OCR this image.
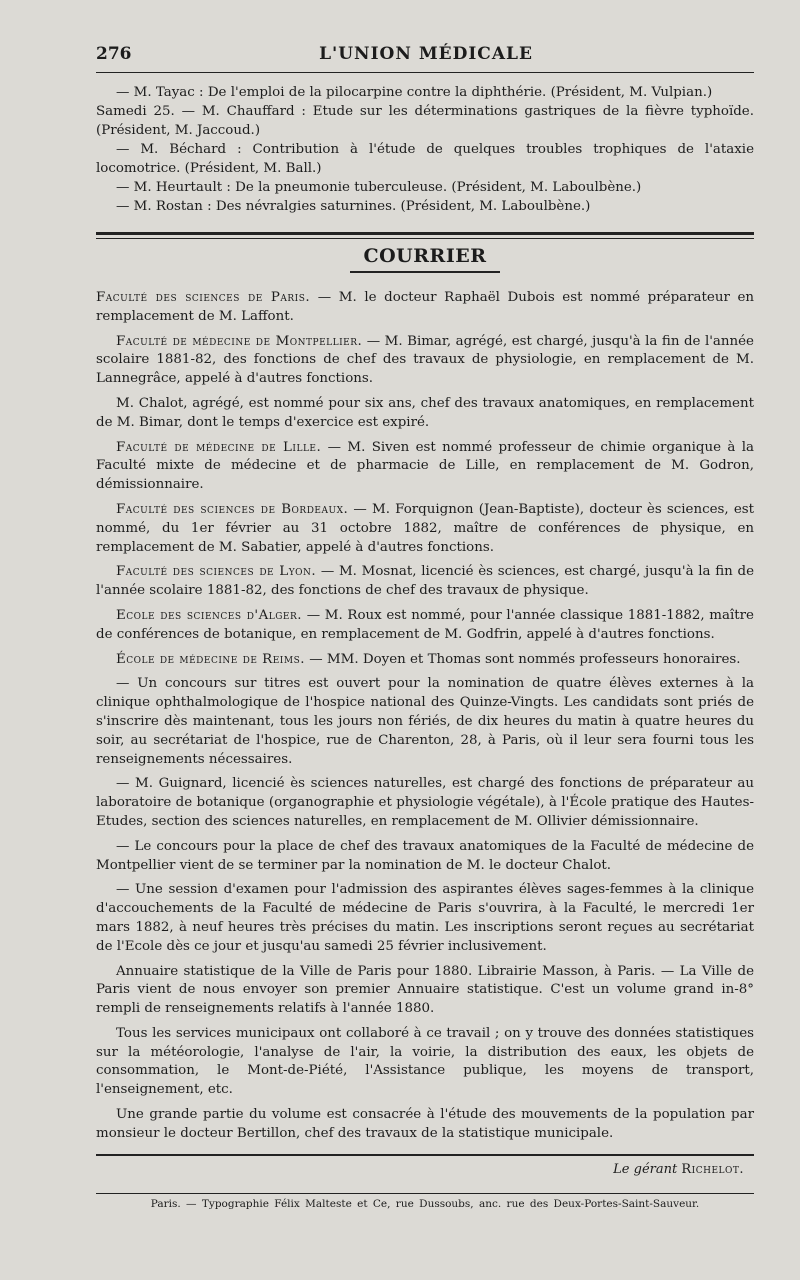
276	L'UNION MÉDICALE

— M. Tayac : De l'emploi de la pilocarpine contre la diphthérie. (Président, M. Vulpian.)

Samedi 25. — M. Chauffard : Etude sur les déterminations gastriques de la fièvre typhoïde. (Président, M. Jaccoud.)

— M. Béchard : Contribution à l'étude de quelques troubles trophiques de l'ataxie locomotrice. (Président, M. Ball.)

— M. Heurtault : De la pneumonie tuberculeuse. (Président, M. Laboulbène.)

— M. Rostan : Des névralgies saturnines. (Président, M. Laboulbène.)

COURRIER

Faculté des sciences de Paris. — M. le docteur Raphaël Dubois est nommé préparateur en remplacement de M. Laffont.

Faculté de médecine de Montpellier. — M. Bimar, agrégé, est chargé, jusqu'à la fin de l'année scolaire 1881-82, des fonctions de chef des travaux de physiologie, en remplacement de M. Lannegrâce, appelé à d'autres fonctions.

M. Chalot, agrégé, est nommé pour six ans, chef des travaux anatomiques, en remplacement de M. Bimar, dont le temps d'exercice est expiré.

Faculté de médecine de Lille. — M. Siven est nommé professeur de chimie organique à la Faculté mixte de médecine et de pharmacie de Lille, en remplacement de M. Godron, démissionnaire.

Faculté des sciences de Bordeaux. — M. Forquignon (Jean-Baptiste), docteur ès sciences, est nommé, du 1er février au 31 octobre 1882, maître de conférences de physique, en remplacement de M. Sabatier, appelé à d'autres fonctions.

Faculté des sciences de Lyon. — M. Mosnat, licencié ès sciences, est chargé, jusqu'à la fin de l'année scolaire 1881-82, des fonctions de chef des travaux de physique.

Ecole des sciences d'Alger. — M. Roux est nommé, pour l'année classique 1881-1882, maître de conférences de botanique, en remplacement de M. Godfrin, appelé à d'autres fonctions.

École de médecine de Reims. — MM. Doyen et Thomas sont nommés professeurs honoraires.

— Un concours sur titres est ouvert pour la nomination de quatre élèves externes à la clinique ophthalmologique de l'hospice national des Quinze-Vingts. Les candidats sont priés de s'inscrire dès maintenant, tous les jours non fériés, de dix heures du matin à quatre heures du soir, au secrétariat de l'hospice, rue de Charenton, 28, à Paris, où il leur sera fourni tous les renseignements nécessaires.

— M. Guignard, licencié ès sciences naturelles, est chargé des fonctions de préparateur au laboratoire de botanique (organographie et physiologie végétale), à l'École pratique des Hautes-Etudes, section des sciences naturelles, en remplacement de M. Ollivier démissionnaire.

— Le concours pour la place de chef des travaux anatomiques de la Faculté de médecine de Montpellier vient de se terminer par la nomination de M. le docteur Chalot.

— Une session d'examen pour l'admission des aspirantes élèves sages-femmes à la clinique d'accouchements de la Faculté de médecine de Paris s'ouvrira, à la Faculté, le mercredi 1er mars 1882, à neuf heures très précises du matin. Les inscriptions seront reçues au secrétariat de l'Ecole dès ce jour et jusqu'au samedi 25 février inclusivement.

Annuaire statistique de la Ville de Paris pour 1880. Librairie Masson, à Paris. — La Ville de Paris vient de nous envoyer son premier Annuaire statistique. C'est un volume grand in-8° rempli de renseignements relatifs à l'année 1880.

Tous les services municipaux ont collaboré à ce travail ; on y trouve des données statistiques sur la météorologie, l'analyse de l'air, la voirie, la distribution des eaux, les objets de consommation, le Mont-de-Piété, l'Assistance publique, les moyens de transport, l'enseignement, etc.

Une grande partie du volume est consacrée à l'étude des mouvements de la population par monsieur le docteur Bertillon, chef des travaux de la statistique municipale.

Le gérant Richelot.
Paris. — Typographie Félix Malteste et Ce, rue Dussoubs, anc. rue des Deux-Portes-Saint-Sauveur.
